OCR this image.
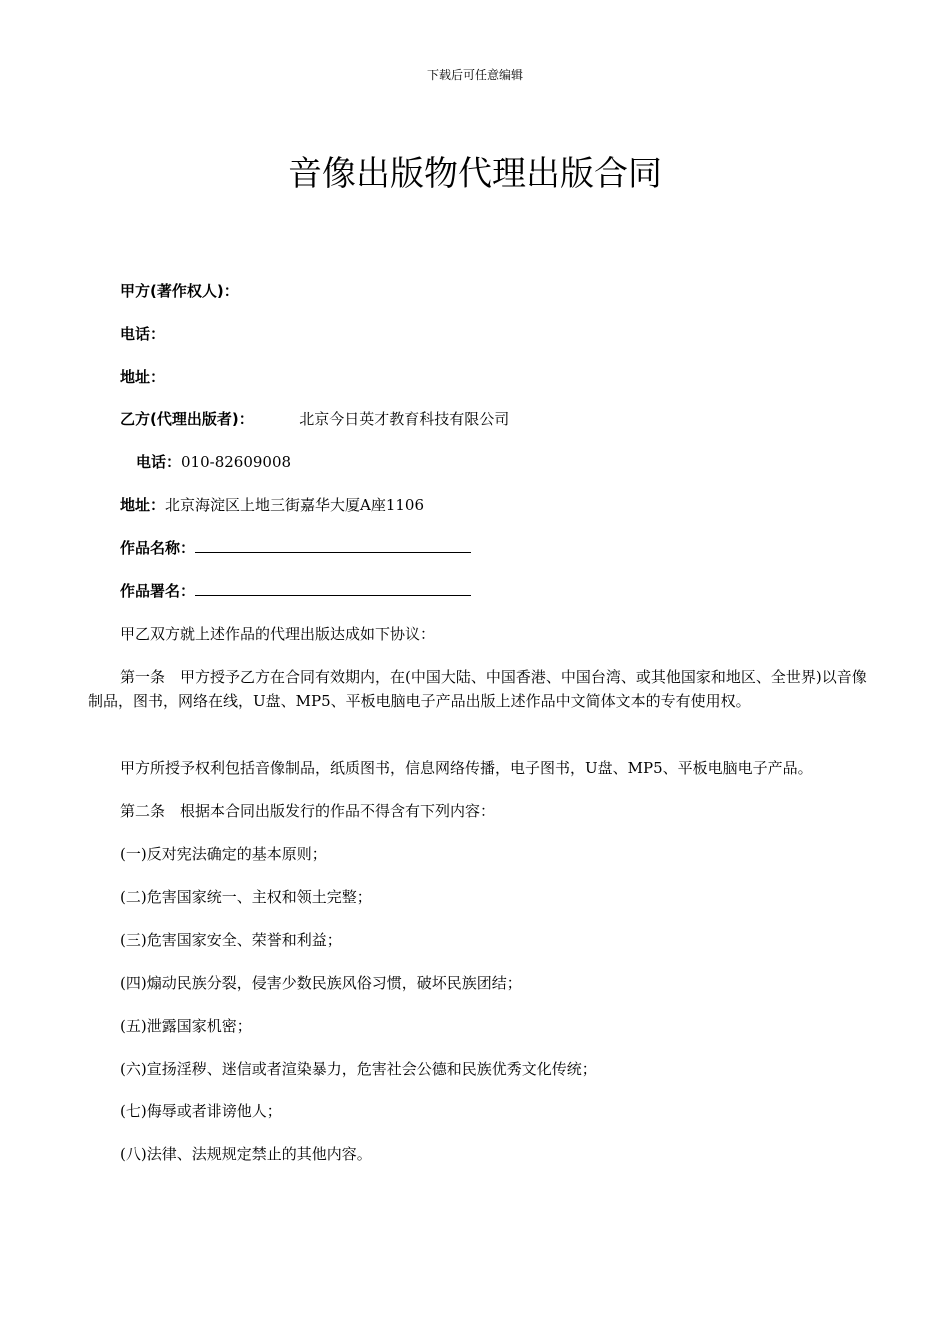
下载后可任意编辑
音像出版物代理出版合同
甲方(著作权人)：
电话：
地址：
乙方(代理出版者)：	北京今日英才教育科技有限公司
电话：010-82609008
地址：北京海淀区上地三街嘉华大厦A座1106
作品名称：
作品署名：
甲乙双方就上述作品的代理出版达成如下协议：
第一条　甲方授予乙方在合同有效期内，在(中国大陆、中国香港、中国台湾、或其他国家和地区、全世界)以音像制品，图书，网络在线，U盘、MP5、平板电脑电子产品出版上述作品中文简体文本的专有使用权。
甲方所授予权利包括音像制品，纸质图书，信息网络传播，电子图书，U盘、MP5、平板电脑电子产品。
第二条　根据本合同出版发行的作品不得含有下列内容：
(一)反对宪法确定的基本原则；
(二)危害国家统一、主权和领土完整；
(三)危害国家安全、荣誉和利益；
(四)煽动民族分裂，侵害少数民族风俗习惯，破坏民族团结；
(五)泄露国家机密；
(六)宣扬淫秽、迷信或者渲染暴力，危害社会公德和民族优秀文化传统；
(七)侮辱或者诽谤他人；
(八)法律、法规规定禁止的其他内容。
